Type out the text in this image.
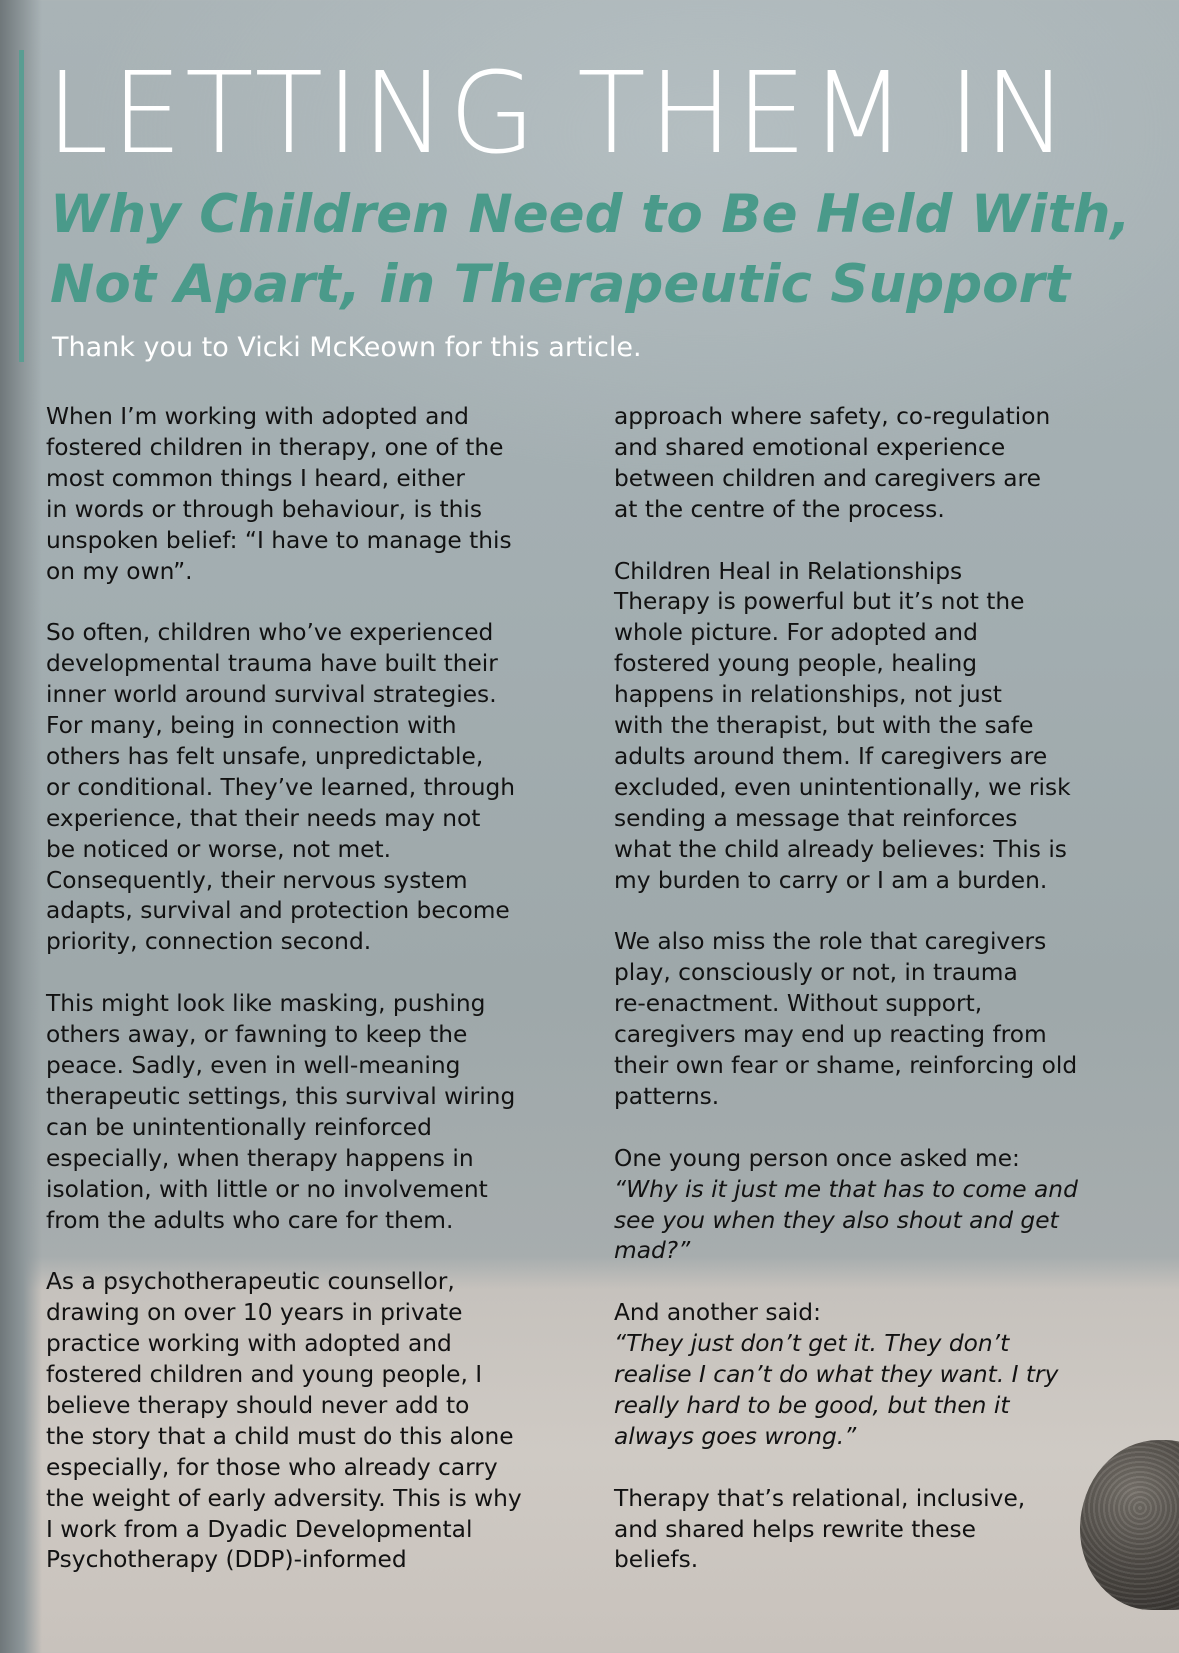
LETTING THEM IN
Why Children Need to Be Held With,
Not Apart, in Therapeutic Support

Thank you to Vicki McKeown for this article.

When I’m working with adopted and
fostered children in therapy, one of the
most common things I heard, either
in words or through behaviour, is this
unspoken belief: “I have to manage this
on my own”.
So often, children who’ve experienced
developmental trauma have built their
inner world around survival strategies.
For many, being in connection with
others has felt unsafe, unpredictable,
or conditional. They’ve learned, through
experience, that their needs may not
be noticed or worse, not met.
Consequently, their nervous system
adapts, survival and protection become
priority, connection second.
This might look like masking, pushing
others away, or fawning to keep the
peace. Sadly, even in well-meaning
therapeutic settings, this survival wiring
can be unintentionally reinforced
especially, when therapy happens in
isolation, with little or no involvement
from the adults who care for them.
As a psychotherapeutic counsellor,
drawing on over 10 years in private
practice working with adopted and
fostered children and young people, I
believe therapy should never add to
the story that a child must do this alone
especially, for those who already carry
the weight of early adversity. This is why
I work from a Dyadic Developmental
Psychotherapy (DDP)-informed
approach where safety, co-regulation
and shared emotional experience
between children and caregivers are
at the centre of the process.
Children Heal in Relationships
Therapy is powerful but it’s not the
whole picture. For adopted and
fostered young people, healing
happens in relationships, not just
with the therapist, but with the safe
adults around them. If caregivers are
excluded, even unintentionally, we risk
sending a message that reinforces
what the child already believes: This is
my burden to carry or I am a burden.
We also miss the role that caregivers
play, consciously or not, in trauma
re-enactment. Without support,
caregivers may end up reacting from
their own fear or shame, reinforcing old
patterns.
One young person once asked me:
“Why is it just me that has to come and
see you when they also shout and get
mad?”
And another said:
“They just don’t get it. They don’t
realise I can’t do what they want. I try
really hard to be good, but then it
always goes wrong.”
Therapy that’s relational, inclusive,
and shared helps rewrite these
beliefs.
